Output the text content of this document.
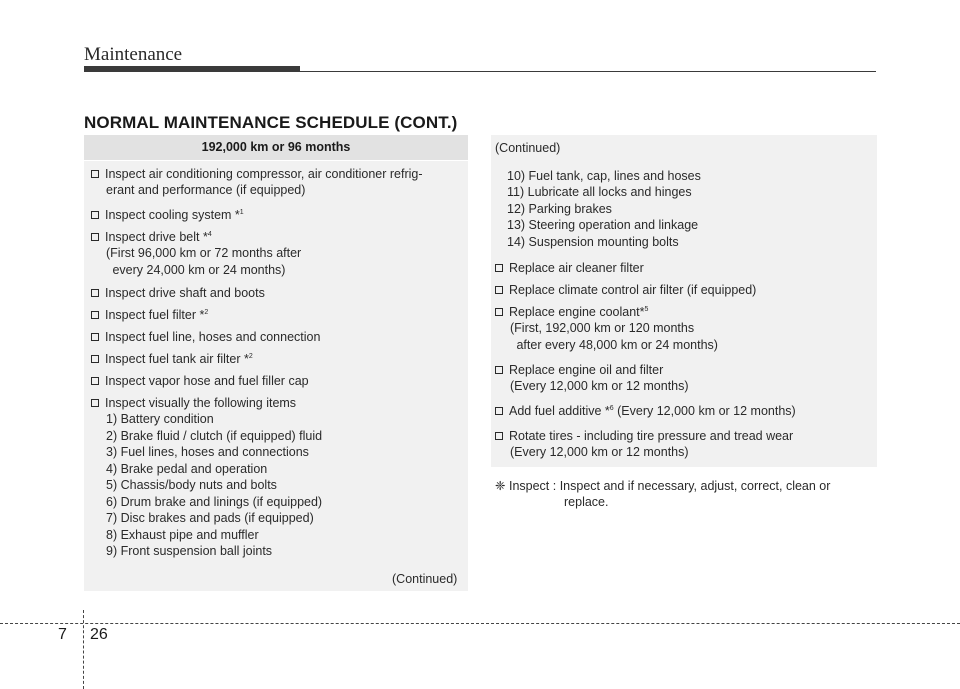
Maintenance
NORMAL MAINTENANCE SCHEDULE (CONT.)
192,000 km or 96 months
Inspect air conditioning compressor, air conditioner refrig-
erant and performance (if equipped)
Inspect cooling system *$^1$
Inspect drive belt *$^4$
(First 96,000 km or 72 months after
every 24,000 km or 24 months)
Inspect drive shaft and boots
Inspect fuel filter *$^2$
Inspect fuel line, hoses and connection
Inspect fuel tank air filter *$^2$
Inspect vapor hose and fuel filler cap
Inspect visually the following items
1) Battery condition
2) Brake fluid / clutch (if equipped) fluid
3) Fuel lines, hoses and connections
4) Brake pedal and operation
5) Chassis/body nuts and bolts
6) Drum brake and linings (if equipped)
7) Disc brakes and pads (if equipped)
8) Exhaust pipe and muffler
9) Front suspension ball joints
(Continued)
(Continued)
10) Fuel tank, cap, lines and hoses
11) Lubricate all locks and hinges
12) Parking brakes
13) Steering operation and linkage
14) Suspension mounting bolts
Replace air cleaner filter
Replace climate control air filter (if equipped)
Replace engine coolant*$^5$
(First, 192,000 km or 120 months
after every 48,000 km or 24 months)
Replace engine oil and filter
(Every 12,000 km or 12 months)
Add fuel additive *$^6$ (Every 12,000 km or 12 months)
Rotate tires - including tire pressure and tread wear
(Every 12,000 km or 12 months)
❈ Inspect : Inspect and if necessary, adjust, correct, clean or
replace.
7 26
